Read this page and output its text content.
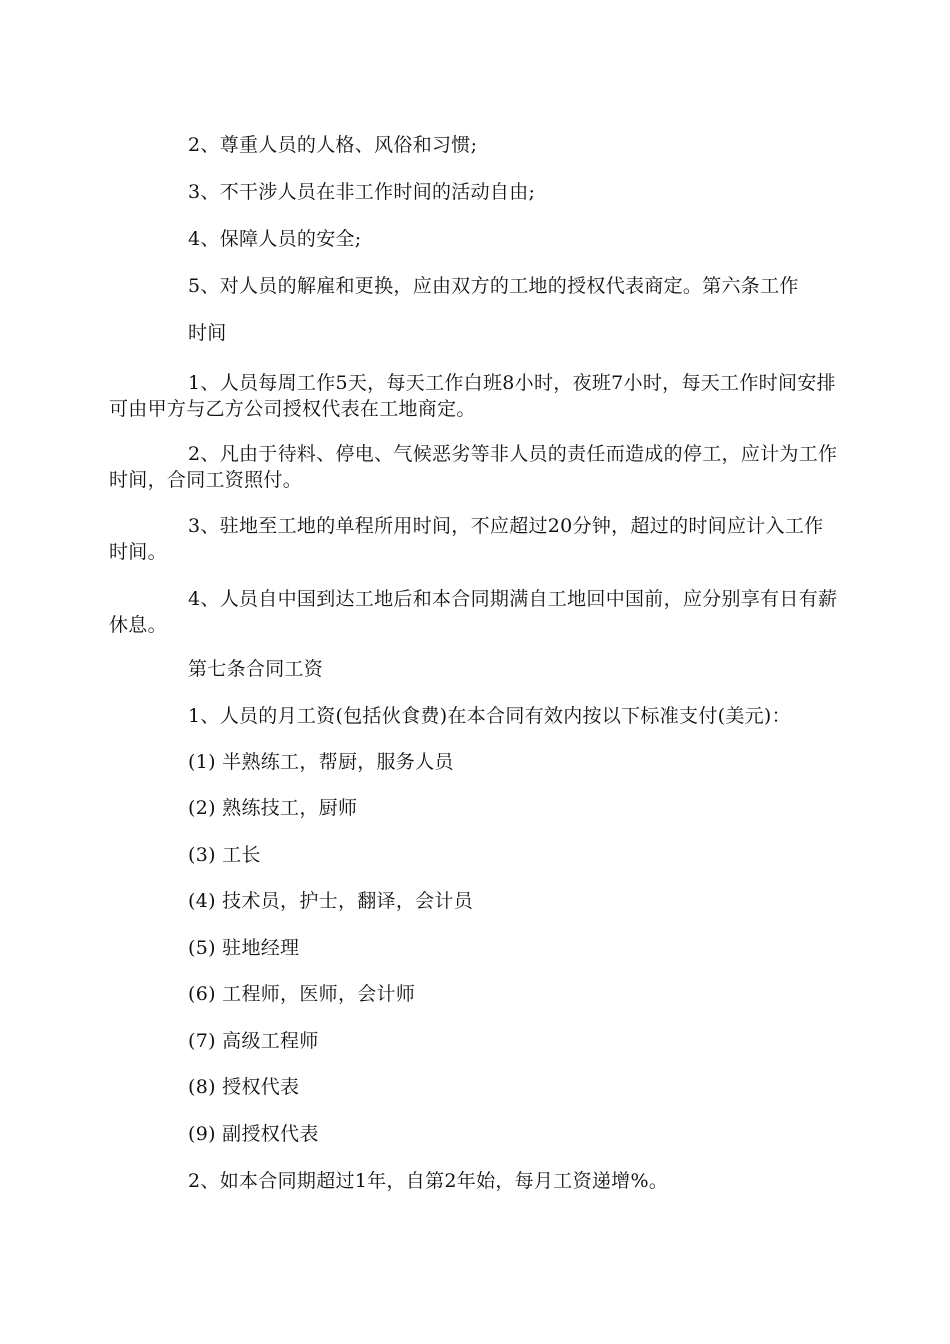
2、尊重人员的人格、风俗和习惯;
3、不干涉人员在非工作时间的活动自由;
4、保障人员的安全;
5、对人员的解雇和更换，应由双方的工地的授权代表商定。第六条工作
时间
1、人员每周工作5天，每天工作白班8小时，夜班7小时，每天工作时间安排可由甲方与乙方公司授权代表在工地商定。
2、凡由于待料、停电、气候恶劣等非人员的责任而造成的停工，应计为工作时间，合同工资照付。
3、驻地至工地的单程所用时间，不应超过20分钟，超过的时间应计入工作时间。
4、人员自中国到达工地后和本合同期满自工地回中国前，应分别享有日有薪休息。
第七条合同工资
1、人员的月工资(包括伙食费)在本合同有效内按以下标准支付(美元)：
(1) 半熟练工，帮厨，服务人员
(2) 熟练技工，厨师
(3) 工长
(4) 技术员，护士，翻译，会计员
(5) 驻地经理
(6) 工程师，医师，会计师
(7) 高级工程师
(8) 授权代表
(9) 副授权代表
2、如本合同期超过1年，自第2年始，每月工资递增%。
